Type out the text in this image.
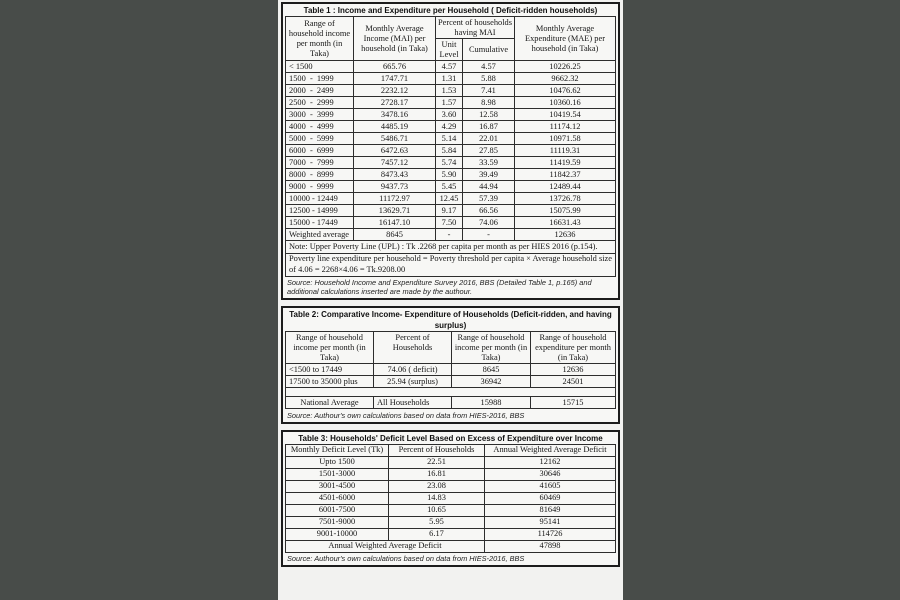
Table 1 : Income and Expenditure per Household ( Deficit-ridden households)
Range of household income per month (in Taka)	Monthly Average Income (MAI) per household (in Taka)	Percent of households having MAI		Monthly Average Expenditure (MAE) per household (in Taka)
		Unit Level	Cumulative	
< 1500	665.76	4.57	4.57	10226.25
1500  -  1999	1747.71	1.31	5.88	9662.32
2000  -  2499	2232.12	1.53	7.41	10476.62
2500  -  2999	2728.17	1.57	8.98	10360.16
3000  -  3999	3478.16	3.60	12.58	10419.54
4000  -  4999	4485.19	4.29	16.87	11174.12
5000  -  5999	5486.71	5.14	22.01	10971.58
6000  -  6999	6472.63	5.84	27.85	11119.31
7000  -  7999	7457.12	5.74	33.59	11419.59
8000  -  8999	8473.43	5.90	39.49	11842.37
9000  -  9999	9437.73	5.45	44.94	12489.44
10000 - 12449	11172.97	12.45	57.39	13726.78
12500 - 14999	13629.71	9.17	66.56	15075.99
15000 - 17449	16147.10	7.50	74.06	16631.43
Weighted average	8645	-	-	12636
Note: Upper Poverty Line (UPL) : Tk .2268 per capita per month as per HIES 2016 (p.154).				
Poverty line expenditure per household = Poverty threshold per capita × Average household size of 4.06 = 2268×4.06 = Tk.9208.00				
Source: Household Income and Expenditure Survey 2016, BBS (Detailed Table 1, p.165) and additional calculations inserted are made by the authour.
Table 2: Comparative Income- Expenditure of Households (Deficit-ridden, and having surplus)
Range of household income per month (in Taka)	Percent of Households	Range of household income per month (in Taka)	Range of household expenditure per month (in Taka)
<1500 to 17449	74.06 ( deficit)	8645	12636
17500 to 35000 plus	25.94 (surplus)	36942	24501

National Average	All Households	15988	15715
Source: Authour's own calculations based on data from HIES-2016, BBS
Table 3: Households' Deficit Level Based on Excess of Expenditure over Income
Monthly Deficit Level (Tk)	Percent of Households	Annual Weighted Average Deficit
Upto 1500	22.51	12162
1501-3000	16.81	30646
3001-4500	23.08	41605
4501-6000	14.83	60469
6001-7500	10.65	81649
7501-9000	5.95	95141
9001-10000	6.17	114726
Annual Weighted Average Deficit		47898
Source: Authour's own calculations based on data from HIES-2016, BBS
